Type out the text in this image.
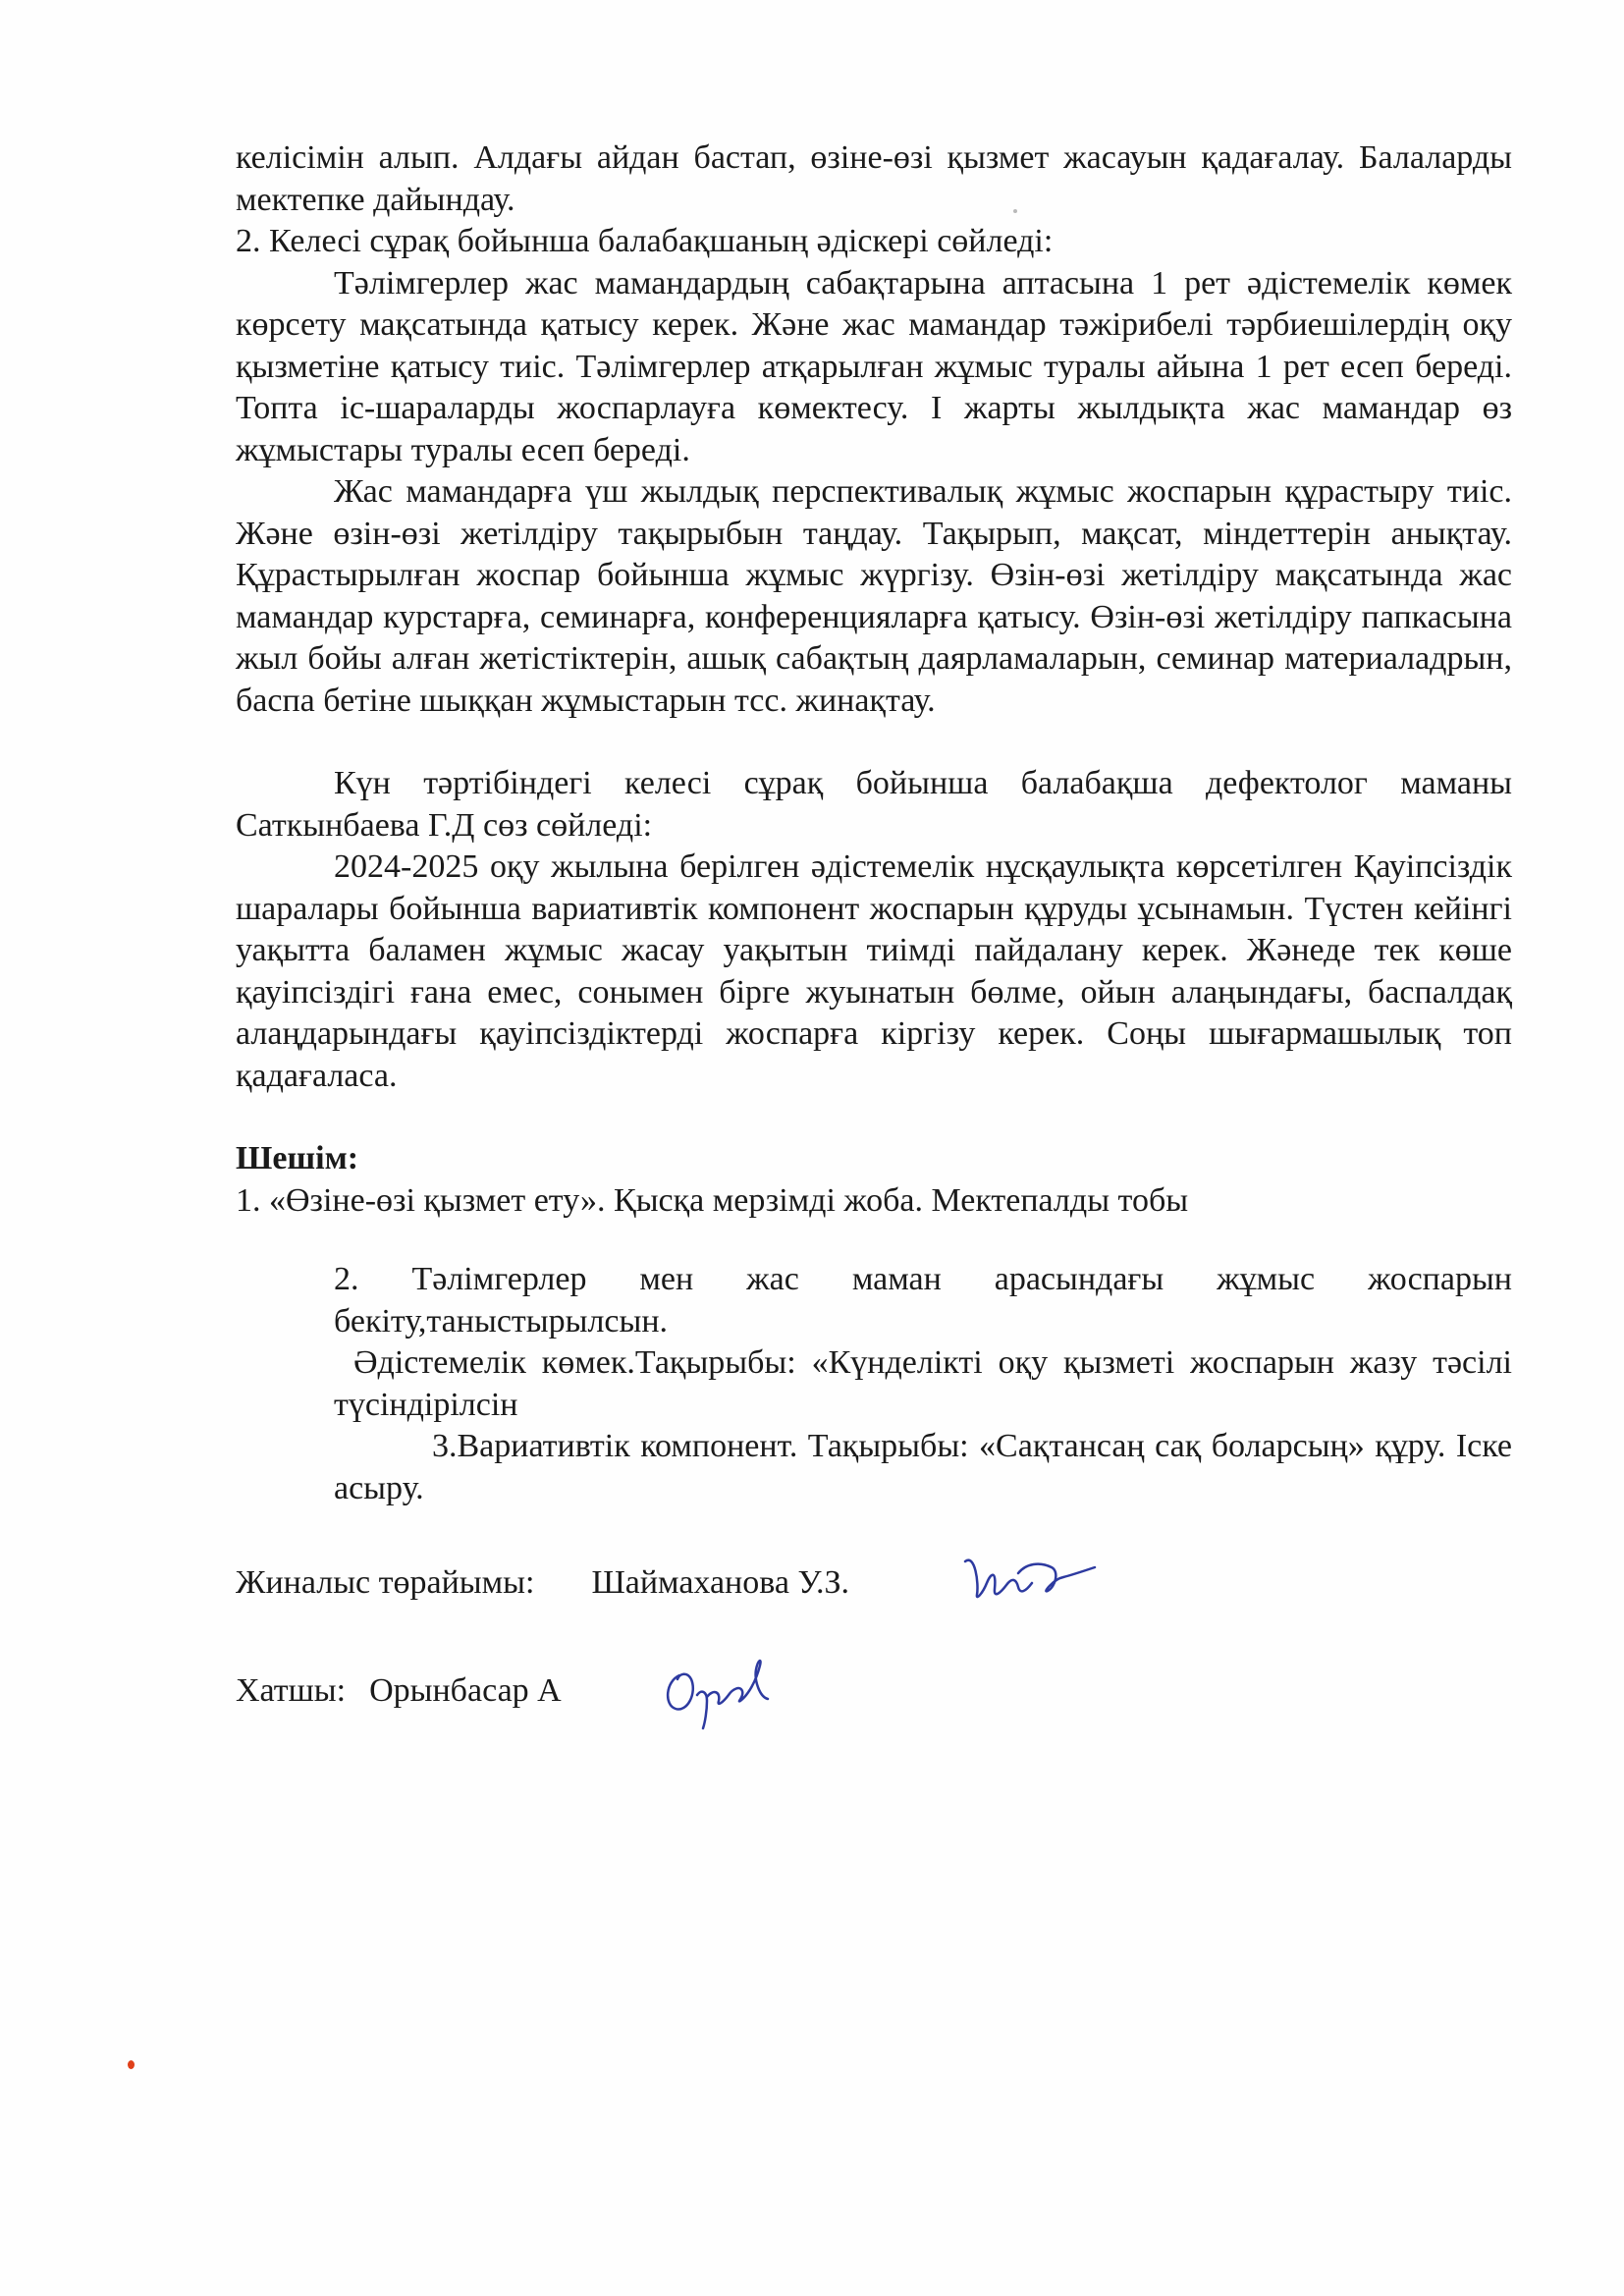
келісімін алып. Алдағы айдан бастап, өзіне-өзі қызмет жасауын қадағалау. Балаларды мектепке дайындау.

2. Келесі сұрақ бойынша балабақшаның әдіскері сөйледі:

Тәлімгерлер жас мамандардың сабақтарына аптасына 1 рет әдістемелік көмек көрсету мақсатында қатысу керек. Және жас мамандар тәжірибелі тәрбиешілердің оқу қызметіне қатысу тиіс. Тәлімгерлер атқарылған жұмыс туралы айына 1 рет есеп береді. Топта іс-шараларды жоспарлауға көмектесу. I жарты жылдықта жас мамандар өз жұмыстары туралы есеп береді.

Жас мамандарға үш жылдық перспективалық жұмыс жоспарын құрастыру тиіс. Және өзін-өзі жетілдіру тақырыбын таңдау. Тақырып, мақсат, міндеттерін анықтау. Құрастырылған жоспар бойынша жұмыс жүргізу. Өзін-өзі жетілдіру мақсатында жас мамандар курстарға, семинарға, конференцияларға қатысу. Өзін-өзі жетілдіру папкасына жыл бойы алған жетістіктерін, ашық сабақтың даярламаларын, семинар материаладрын, баспа бетіне шыққан жұмыстарын тсс. жинақтау.

Күн тәртібіндегі келесі сұрақ бойынша балабақша дефектолог маманы Саткынбаева Г.Д сөз сөйледі:

2024-2025 оқу жылына берілген әдістемелік нұсқаулықта көрсетілген Қауіпсіздік шаралары бойынша вариативтік компонент жоспарын құруды ұсынамын. Түстен кейінгі уақытта баламен жұмыс жасау уақытын тиімді пайдалану керек. Жәнеде тек көше қауіпсіздігі ғана емес, сонымен бірге жуынатын бөлме, ойын алаңындағы, баспалдақ алаңдарындағы қауіпсіздіктерді жоспарға кіргізу керек. Соңы шығармашылық топ қадағаласа.

Шешім:

1. «Өзіне-өзі қызмет ету». Қысқа мерзімді жоба. Мектепалды тобы

2. Тәлімгерлер мен жас маман арасындағы жұмыс жоспарын бекіту,таныстырылсын.

Әдістемелік көмек.Тақырыбы: «Күнделікті оқу қызметі жоспарын жазу тәсілі түсіндірілсін

3.Вариативтік компонент. Тақырыбы: «Сақтансаң сақ боларсың» құру. Іске асыру.

Жиналыс төрайымы: Шаймаханова У.З.
Хатшы: Орынбасар А
